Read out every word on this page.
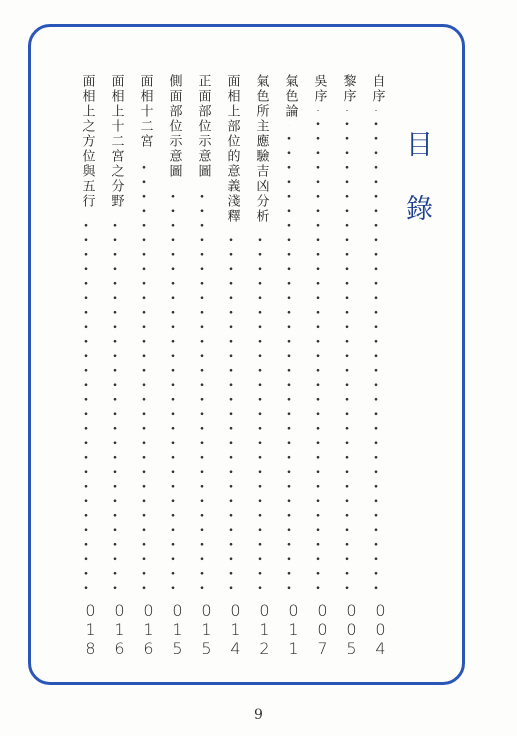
目
錄
自序
004
黎序
005
吳序
007
氣色論
011
氣色所主應驗吉凶分析
012
面相上部位的意義淺釋
014
正面部位示意圖
015
側面部位示意圖
015
面相十二宮
016
面相上十二宮之分野
016
面相上之方位與五行
018
9
